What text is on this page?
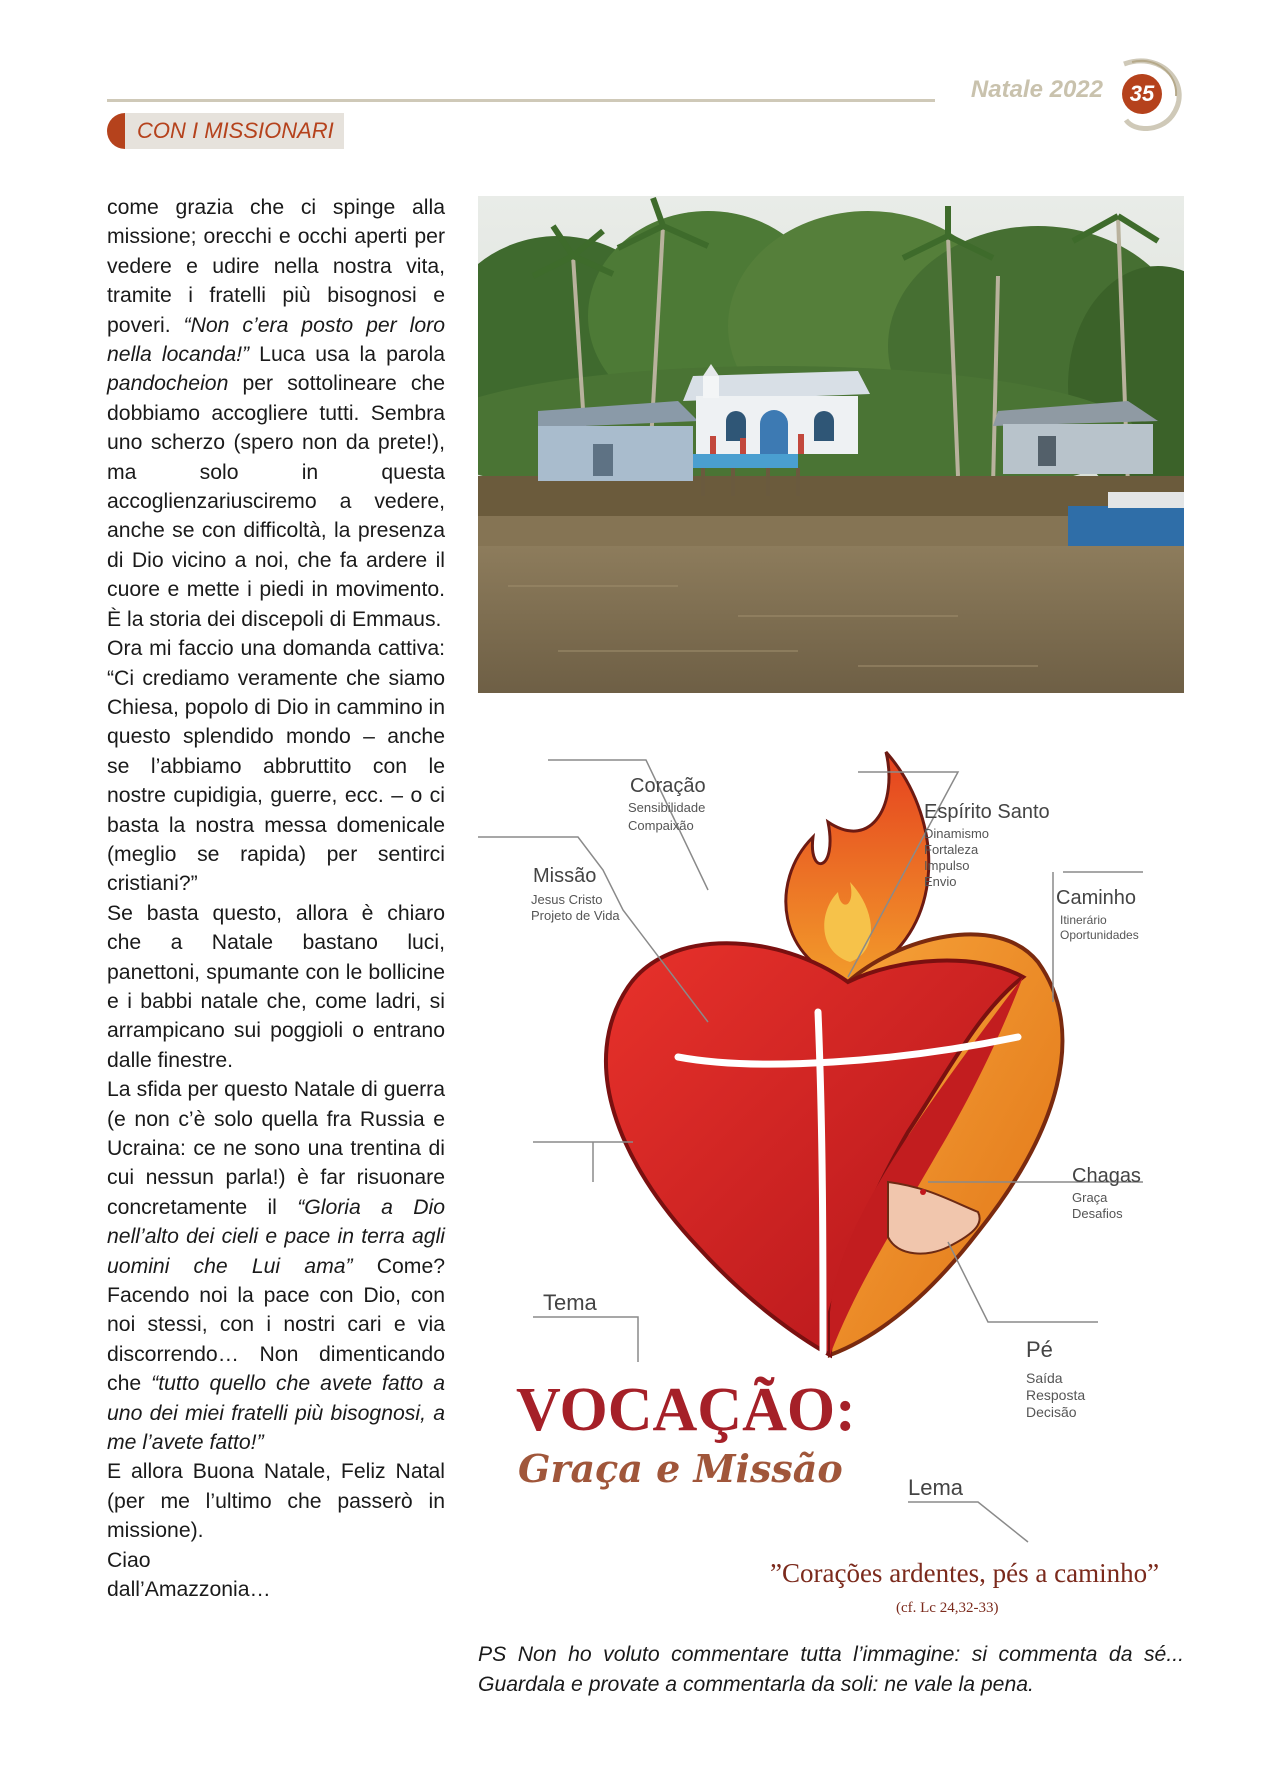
Natale 2022	35
CON I MISSIONARI

come grazia che ci spinge alla missione; orecchi e occhi aperti per vedere e udire nella nostra vita, tramite i fratelli più bisognosi e poveri. “Non c’era posto per loro nella locanda!” Luca usa la parola pandocheion per sottolineare che dobbiamo accogliere tutti. Sembra uno scherzo (spero non da prete!), ma solo in questa accoglienzariusciremo a vedere, anche se con difficoltà, la presenza di Dio vicino a noi, che fa ardere il cuore e mette i piedi in movimento. È la storia dei discepoli di Emmaus.

Ora mi faccio una domanda cattiva: “Ci crediamo veramente che siamo Chiesa, popolo di Dio in cammino in questo splendido mondo – anche se l’abbiamo abbruttito con le nostre cupidigia, guerre, ecc. – o ci basta la nostra messa domenicale (meglio se rapida) per sentirci cristiani?”

Se basta questo, allora è chiaro che a Natale bastano luci, panettoni, spumante con le bollicine e i babbi natale che, come ladri, si arrampicano sui poggioli o entrano dalle finestre.

La sfida per questo Natale di guerra (e non c’è solo quella fra Russia e Ucraina: ce ne sono una trentina di cui nessun parla!) è far risuonare concretamente il “Gloria a Dio nell’alto dei cieli e pace in terra agli uomini che Lui ama” Come? Facendo noi la pace con Dio, con noi stessi, con i nostri cari e via discorrendo… Non dimenticando che “tutto quello che avete fatto a uno dei miei fratelli più bisognosi, a me l’avete fatto!”

E allora Buona Natale, Feliz Natal (per me l’ultimo che passerò in missione).

Ciao

dall’Amazzonia…

Coração
Sensibilidade
Compaixão
Espírito Santo
Dinamismo
Fortaleza
Impulso
Envio
Missão
Jesus Cristo
Projeto de Vida
Caminho
Itinerário
Oportunidades
Chagas
Graça
Desafios
Tema
Pé
Saída
Resposta
Decisão
VOCAÇÃO:
Graça e Missão	Lema
”Corações ardentes, pés a caminho”
(cf. Lc 24,32-33)
PS Non ho voluto commentare tutta l’immagine: si commenta da sé... Guardala e provate a commentarla da soli: ne vale la pena.
